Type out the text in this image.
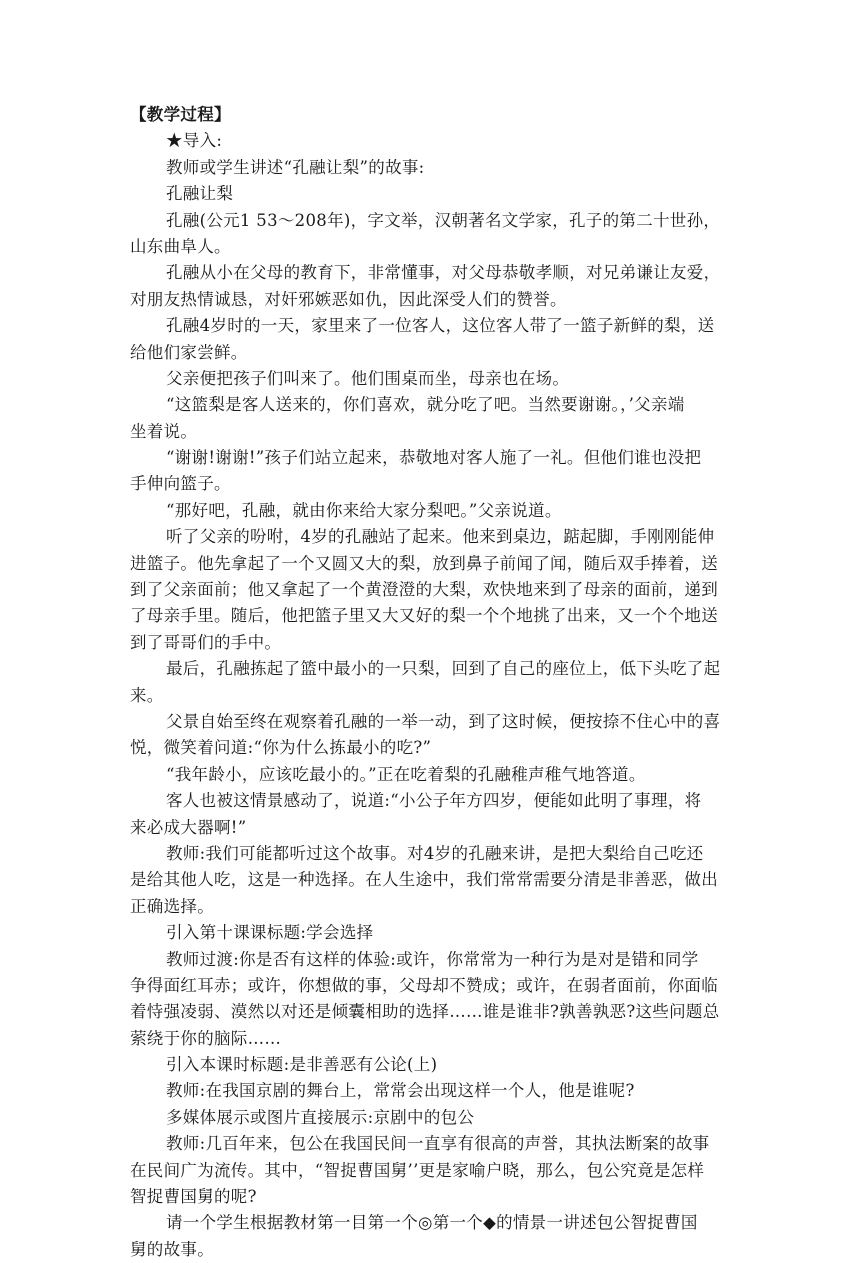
【教学过程】
★导入:
教师或学生讲述“孔融让梨”的故事:
孔融让梨
孔融(公元1 53～208年)，字文举，汉朝著名文学家，孔子的第二十世孙，
山东曲阜人。
孔融从小在父母的教育下，非常懂事，对父母恭敬孝顺，对兄弟谦让友爱，
对朋友热情诚恳，对奸邪嫉恶如仇，因此深受人们的赞誉。
孔融4岁时的一天，家里来了一位客人，这位客人带了一篮子新鲜的梨，送
给他们家尝鲜。
父亲便把孩子们叫来了。他们围桌而坐，母亲也在场。
“这篮梨是客人送来的，你们喜欢，就分吃了吧。当然要谢谢。，’父亲端
坐着说。
“谢谢!谢谢!”孩子们站立起来，恭敬地对客人施了一礼。但他们谁也没把
手伸向篮子。
“那好吧，孔融，就由你来给大家分梨吧。”父亲说道。
听了父亲的吩咐，4岁的孔融站了起来。他来到桌边，踮起脚，手刚刚能伸
进篮子。他先拿起了一个又圆又大的梨，放到鼻子前闻了闻，随后双手捧着，送
到了父亲面前；他又拿起了一个黄澄澄的大梨，欢快地来到了母亲的面前，递到
了母亲手里。随后，他把篮子里又大又好的梨一个个地挑了出来，又一个个地送
到了哥哥们的手中。
最后，孔融拣起了篮中最小的一只梨，回到了自己的座位上，低下头吃了起
来。
父景自始至终在观察着孔融的一举一动，到了这时候，便按捺不住心中的喜
悦，微笑着问道:“你为什么拣最小的吃?”
“我年龄小，应该吃最小的。”正在吃着梨的孔融稚声稚气地答道。
客人也被这情景感动了，说道:“小公子年方四岁，便能如此明了事理，将
来必成大器啊!”
教师:我们可能都听过这个故事。对4岁的孔融来讲，是把大梨给自己吃还
是给其他人吃，这是一种选择。在人生途中，我们常常需要分清是非善恶，做出
正确选择。
引入第十课课标题:学会选择
教师过渡:你是否有这样的体验:或许，你常常为一种行为是对是错和同学
争得面红耳赤；或许，你想做的事，父母却不赞成；或许，在弱者面前，你面临
着恃强凌弱、漠然以对还是倾囊相助的选择……谁是谁非?孰善孰恶?这些问题总
萦绕于你的脑际……
引入本课时标题:是非善恶有公论(上)
教师:在我国京剧的舞台上，常常会出现这样一个人，他是谁呢?
多媒体展示或图片直接展示:京剧中的包公
教师:几百年来，包公在我国民间一直享有很高的声誉，其执法断案的故事
在民间广为流传。其中，“智捉曹国舅’’更是家喻户晓，那么，包公究竟是怎样
智捉曹国舅的呢?
请一个学生根据教材第一目第一个◎第一个◆的情景一讲述包公智捉曹国
舅的故事。
